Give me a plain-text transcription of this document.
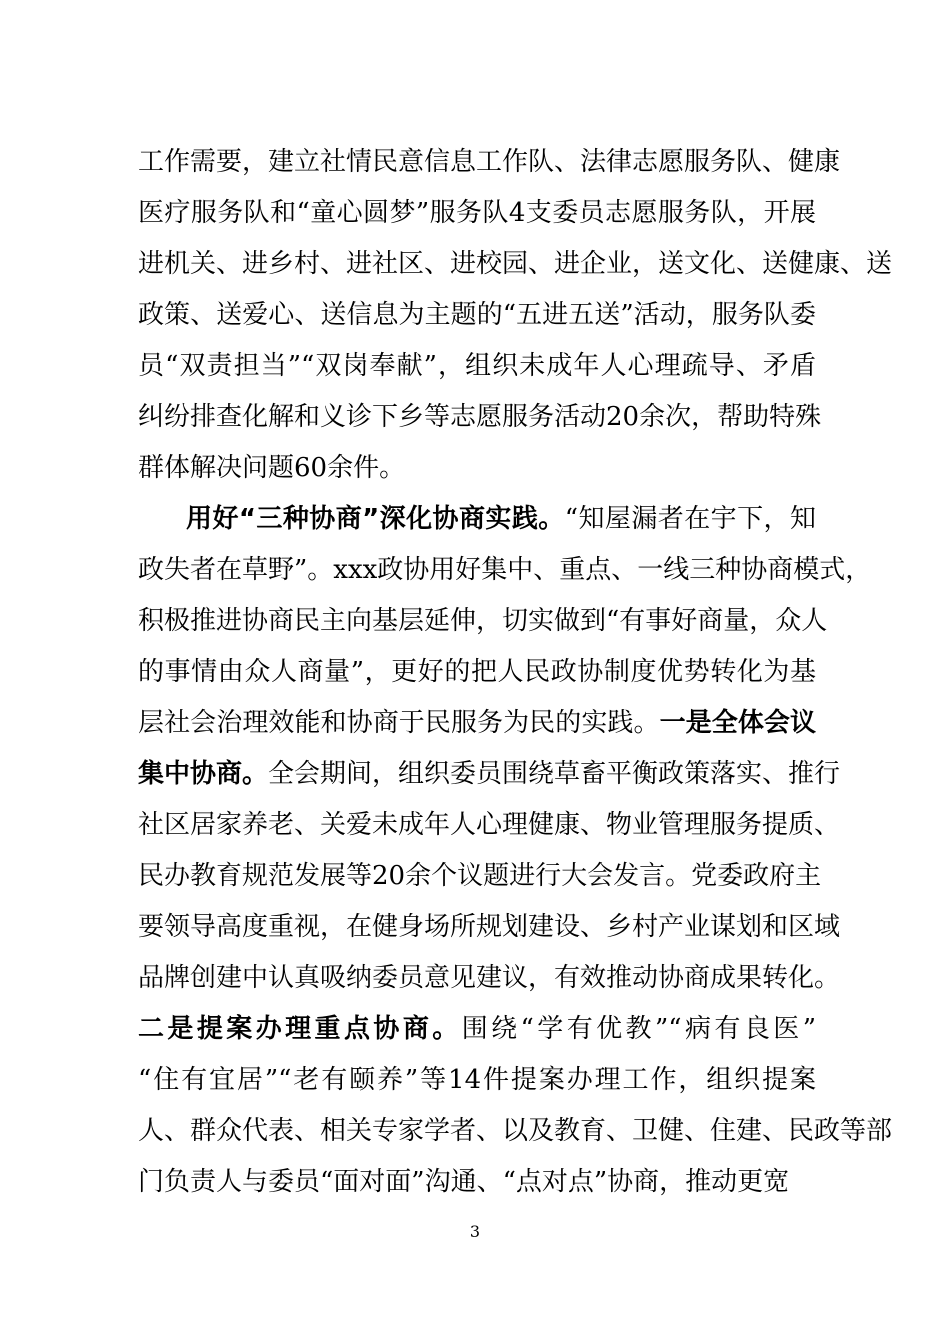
工作需要，建立社情民意信息工作队、法律志愿服务队、健康
医疗服务队和“童心圆梦”服务队4支委员志愿服务队，开展
进机关、进乡村、进社区、进校园、进企业，送文化、送健康、送
政策、送爱心、送信息为主题的“五进五送”活动，服务队委
员“双责担当”“双岗奉献”，组织未成年人心理疏导、矛盾
纠纷排查化解和义诊下乡等志愿服务活动20余次，帮助特殊
群体解决问题60余件。
用好“三种协商”深化协商实践。“知屋漏者在宇下，知
政失者在草野”。xxx政协用好集中、重点、一线三种协商模式，
积极推进协商民主向基层延伸，切实做到“有事好商量，众人
的事情由众人商量”，更好的把人民政协制度优势转化为基
层社会治理效能和协商于民服务为民的实践。一是全体会议
集中协商。全会期间，组织委员围绕草畜平衡政策落实、推行
社区居家养老、关爱未成年人心理健康、物业管理服务提质、
民办教育规范发展等20余个议题进行大会发言。党委政府主
要领导高度重视，在健身场所规划建设、乡村产业谋划和区域
品牌创建中认真吸纳委员意见建议，有效推动协商成果转化。
二是提案办理重点协商。围绕“学有优教”“病有良医”
“住有宜居”“老有颐养”等14件提案办理工作，组织提案
人、群众代表、相关专家学者、以及教育、卫健、住建、民政等部
门负责人与委员“面对面”沟通、“点对点”协商，推动更宽
3
